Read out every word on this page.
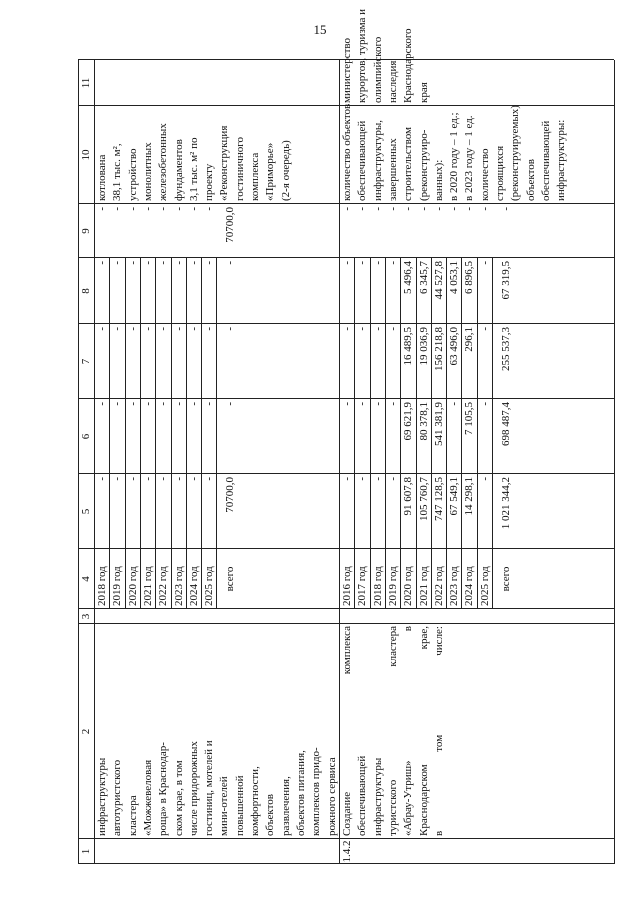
15
1
2
3
4
5
6
7
8
9
10
11
инфраструктуры автотуристского кластера «Можжевеловая роща» в Краснодар- ском крае, в том числе придорожных гостиниц, мотелей и мини-отелей повышенной комфортности, объектов развлечения, объектов питания, комплексов придо- рожного сервиса
2018 год
-
-
-
-
-
котлована
2019 год
-
-
-
-
-
38,1 тыс. м²,
2020 год
-
-
-
-
-
устройство
2021 год
-
-
-
-
-
монолитных
2022 год
-
-
-
-
-
железобетонных
2023 год
-
-
-
-
-
фундаментов
2024 год
-
-
-
-
-
3,1 тыс. м² по
2025 год
-
-
-
-
-
проекту
всего
70700,0
-
-
-
70700,0
«Реконструкция гостиничного комплекса «Приморье» (2-я очередь)
Создание комплекса обеспечивающей инфраструктуры туристского кластера «Абрау-Утриш» в Краснодарском крае, в том числе:
2016 год
-
-
-
-
-
количество объектов
министерство
2017 год
-
-
-
-
-
обеспечивающей
курортов, туризма и
2018 год
-
-
-
-
-
инфраструктуры,
олимпийского
2019 год
-
-
-
-
-
завершенных
наследия
2020 год
91 607,8
69 621,9
16 489,5
5 496,4
-
строительством
Краснодарского
2021 год
105 760,7
80 378,1
19 036,9
6 345,7
-
(реконструиро-
края
2022 год
747 128,5
541 381,9
156 218,8
44 527,8
-
ванных):
2023 год
67 549,1
-
63 496,0
4 053,1
-
в 2020 году – 1 ед.;
2024 год
14 298,1
7 105,5
296,1
6 896,5
-
в 2023 году – 1 ед.
2025 год
-
-
-
-
-
количество
всего
1 021 344,2
698 487,4
255 537,3
67 319,5
-
строящихся (реконструируемых) объектов обеспечивающей инфраструктуры:
1.4.2
